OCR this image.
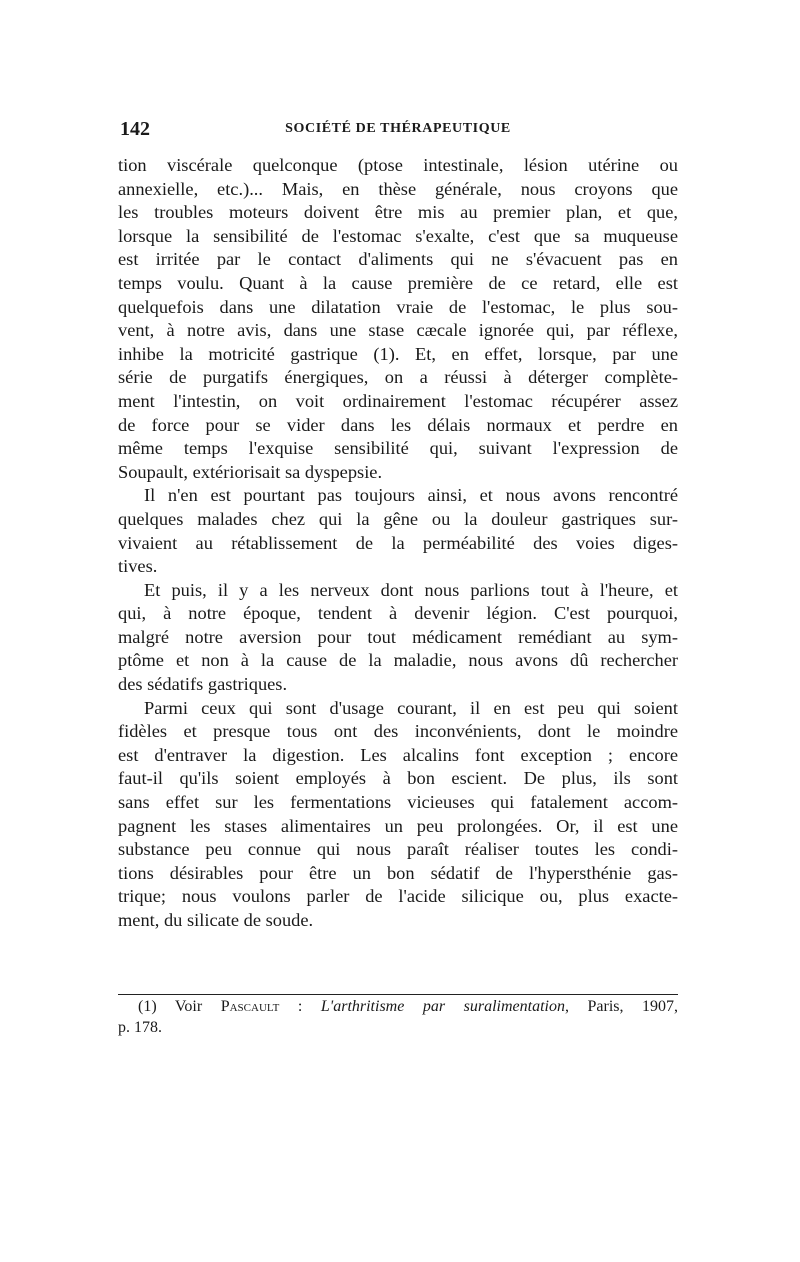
142	SOCIÉTÉ DE THÉRAPEUTIQUE
tion viscérale quelconque (ptose intestinale, lésion utérine ou
annexielle, etc.)... Mais, en thèse générale, nous croyons que
les troubles moteurs doivent être mis au premier plan, et que,
lorsque la sensibilité de l'estomac s'exalte, c'est que sa muqueuse
est irritée par le contact d'aliments qui ne s'évacuent pas en
temps voulu. Quant à la cause première de ce retard, elle est
quelquefois dans une dilatation vraie de l'estomac, le plus sou-
vent, à notre avis, dans une stase cæcale ignorée qui, par réflexe,
inhibe la motricité gastrique (1). Et, en effet, lorsque, par une
série de purgatifs énergiques, on a réussi à déterger complète-
ment l'intestin, on voit ordinairement l'estomac récupérer assez
de force pour se vider dans les délais normaux et perdre en
même temps l'exquise sensibilité qui, suivant l'expression de
Soupault, extériorisait sa dyspepsie.
Il n'en est pourtant pas toujours ainsi, et nous avons rencontré
quelques malades chez qui la gêne ou la douleur gastriques sur-
vivaient au rétablissement de la perméabilité des voies diges-
tives.
Et puis, il y a les nerveux dont nous parlions tout à l'heure, et
qui, à notre époque, tendent à devenir légion. C'est pourquoi,
malgré notre aversion pour tout médicament remédiant au sym-
ptôme et non à la cause de la maladie, nous avons dû rechercher
des sédatifs gastriques.
Parmi ceux qui sont d'usage courant, il en est peu qui soient
fidèles et presque tous ont des inconvénients, dont le moindre
est d'entraver la digestion. Les alcalins font exception ; encore
faut-il qu'ils soient employés à bon escient. De plus, ils sont
sans effet sur les fermentations vicieuses qui fatalement accom-
pagnent les stases alimentaires un peu prolongées. Or, il est une
substance peu connue qui nous paraît réaliser toutes les condi-
tions désirables pour être un bon sédatif de l'hypersthénie gas-
trique; nous voulons parler de l'acide silicique ou, plus exacte-
ment, du silicate de soude.
(1) Voir Pascault : L'arthritisme par suralimentation, Paris, 1907,
p. 178.
